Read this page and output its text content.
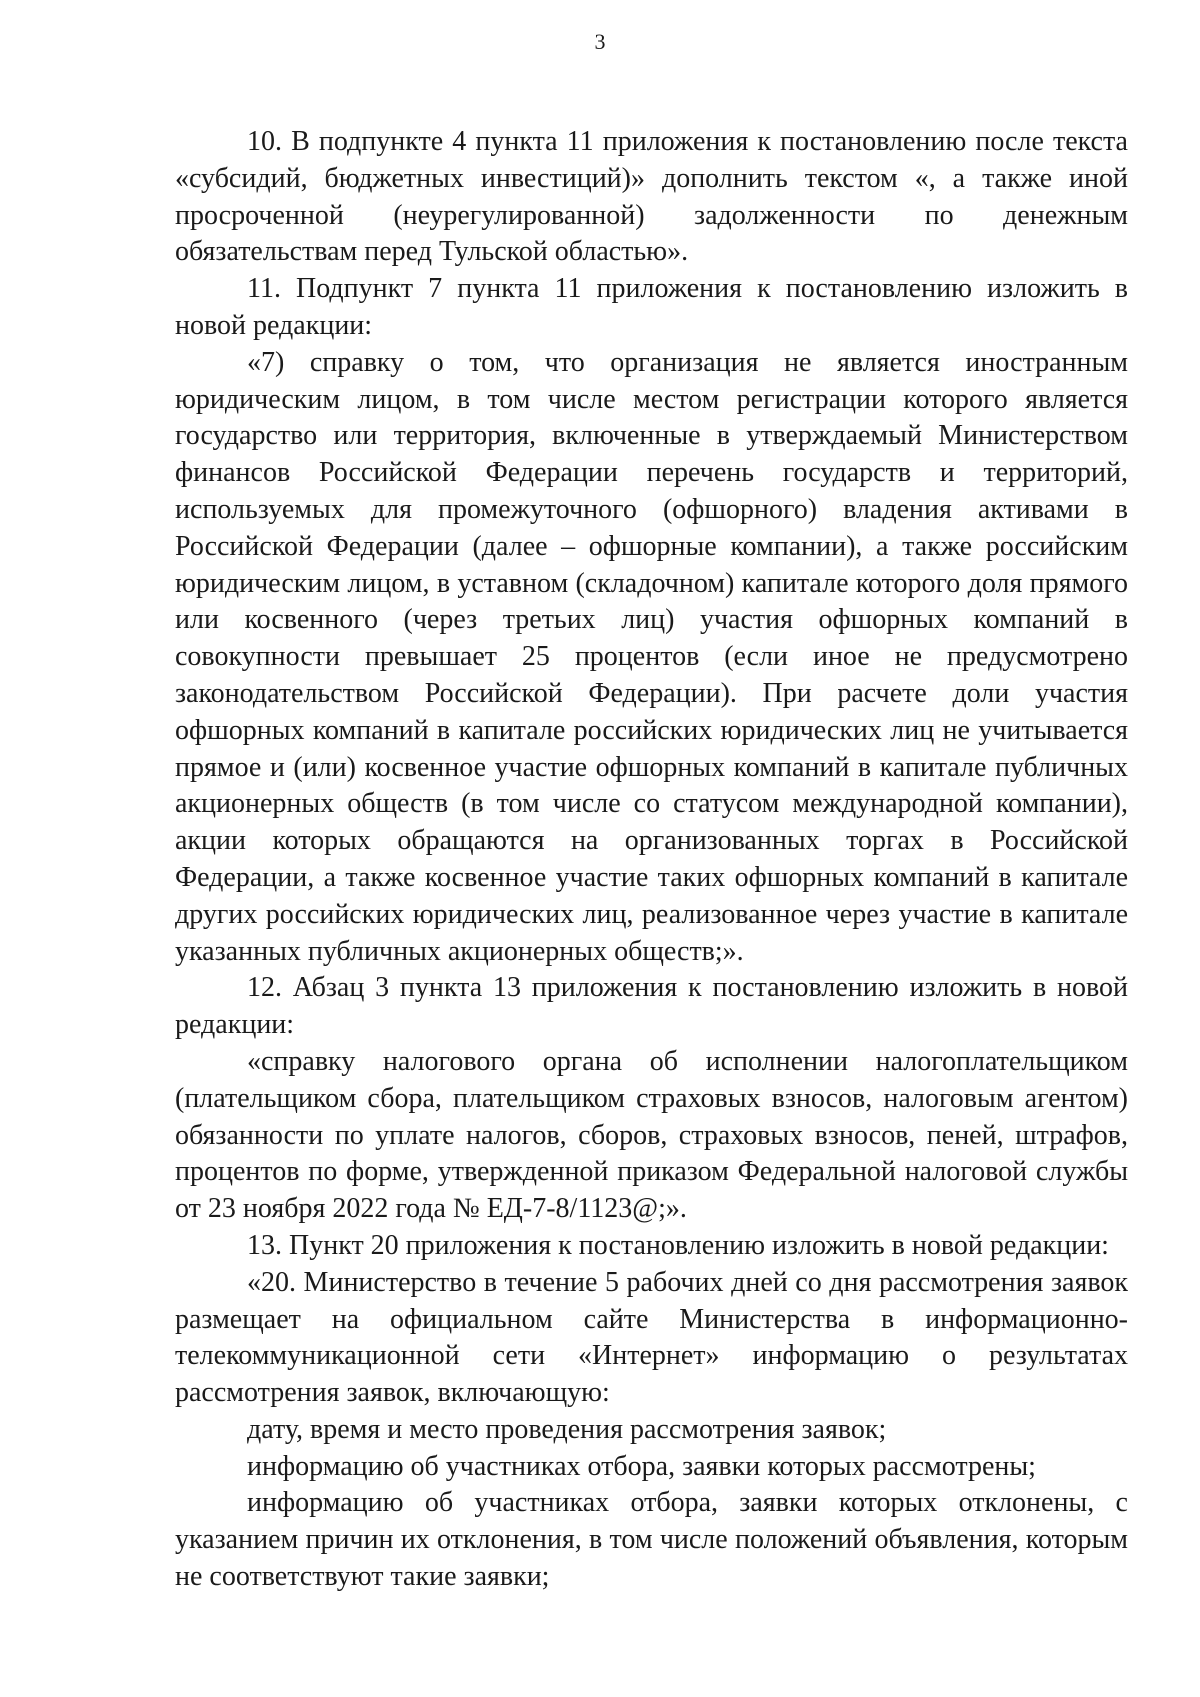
3

10. В подпункте 4 пункта 11 приложения к постановлению после текста «субсидий, бюджетных инвестиций)» дополнить текстом «, а также иной просроченной (неурегулированной) задолженности по денежным обязательствам перед Тульской областью».

11. Подпункт 7 пункта 11 приложения к постановлению изложить в новой редакции:

«7) справку о том, что организация не является иностранным юридическим лицом, в том числе местом регистрации которого является государство или территория, включенные в утверждаемый Министерством финансов Российской Федерации перечень государств и территорий, используемых для промежуточного (офшорного) владения активами в Российской Федерации (далее – офшорные компании), а также российским юридическим лицом, в уставном (складочном) капитале которого доля прямого или косвенного (через третьих лиц) участия офшорных компаний в совокупности превышает 25 процентов (если иное не предусмотрено законодательством Российской Федерации). При расчете доли участия офшорных компаний в капитале российских юридических лиц не учитывается прямое и (или) косвенное участие офшорных компаний в капитале публичных акционерных обществ (в том числе со статусом международной компании), акции которых обращаются на организованных торгах в Российской Федерации, а также косвенное участие таких офшорных компаний в капитале других российских юридических лиц, реализованное через участие в капитале указанных публичных акционерных обществ;».

12. Абзац 3 пункта 13 приложения к постановлению изложить в новой редакции:

«справку налогового органа об исполнении налогоплательщиком (плательщиком сбора, плательщиком страховых взносов, налоговым агентом) обязанности по уплате налогов, сборов, страховых взносов, пеней, штрафов, процентов по форме, утвержденной приказом Федеральной налоговой службы от 23 ноября 2022 года № ЕД-7-8/1123@;».

13. Пункт 20 приложения к постановлению изложить в новой редакции:

«20. Министерство в течение 5 рабочих дней со дня рассмотрения заявок размещает на официальном сайте Министерства в информационно-телекоммуникационной сети «Интернет» информацию о результатах рассмотрения заявок, включающую:

дату, время и место проведения рассмотрения заявок;

информацию об участниках отбора, заявки которых рассмотрены;

информацию об участниках отбора, заявки которых отклонены, с указанием причин их отклонения, в том числе положений объявления, которым не соответствуют такие заявки;
